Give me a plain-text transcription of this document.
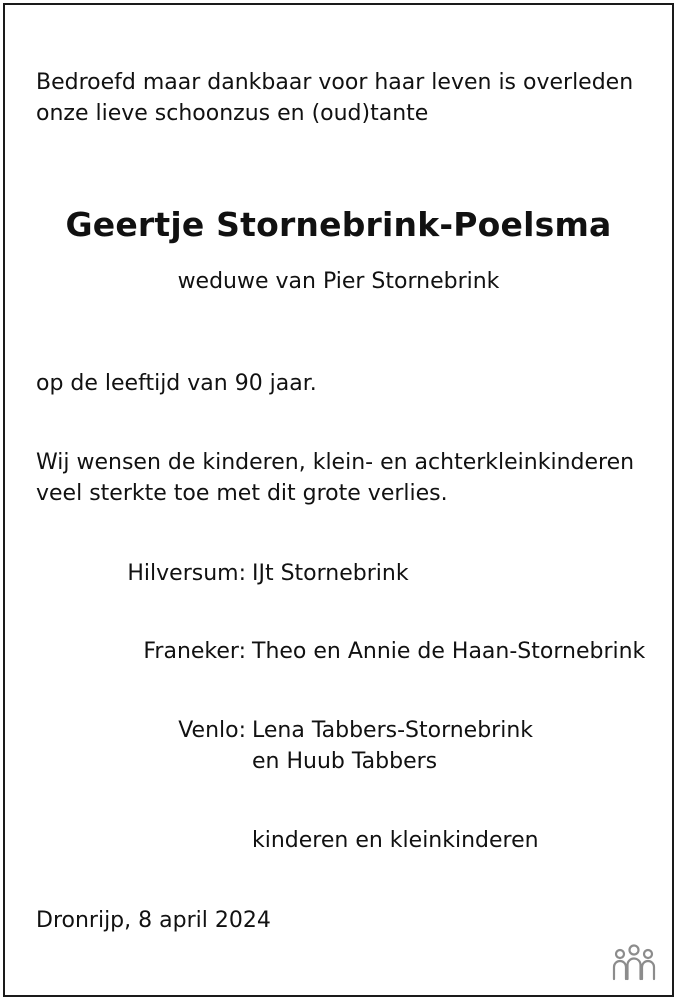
Bedroefd maar dankbaar voor haar leven is overleden
onze lieve schoonzus en (oud)tante
Geertje Stornebrink-Poelsma
weduwe van Pier Stornebrink
op de leeftijd van 90 jaar.
Wij wensen de kinderen, klein- en achterkleinkinderen
veel sterkte toe met dit grote verlies.
Hilversum: IJt Stornebrink
Franeker: Theo en Annie de Haan-Stornebrink
Venlo: Lena Tabbers-Stornebrink
en Huub Tabbers
kinderen en kleinkinderen
Dronrijp, 8 april 2024
